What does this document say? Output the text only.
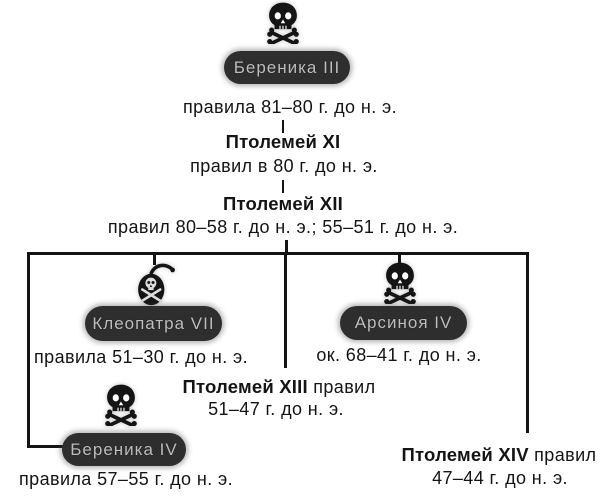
Береника III
правила 81–80 г. до н. э.
Птолемей XI
правил в 80 г. до н. э.
Птолемей XII
правил 80–58 г. до н. э.; 55–51 г. до н. э.
Клеопатра VII
правила 51–30 г. до н. э.
Арсиноя IV
ок. 68–41 г. до н. э.
Птолемей XIII правил
51–47 г. до н. э.
Береника IV
правила 57–55 г. до н. э.
Птолемей XIV правил
47–44 г. до н. э.
